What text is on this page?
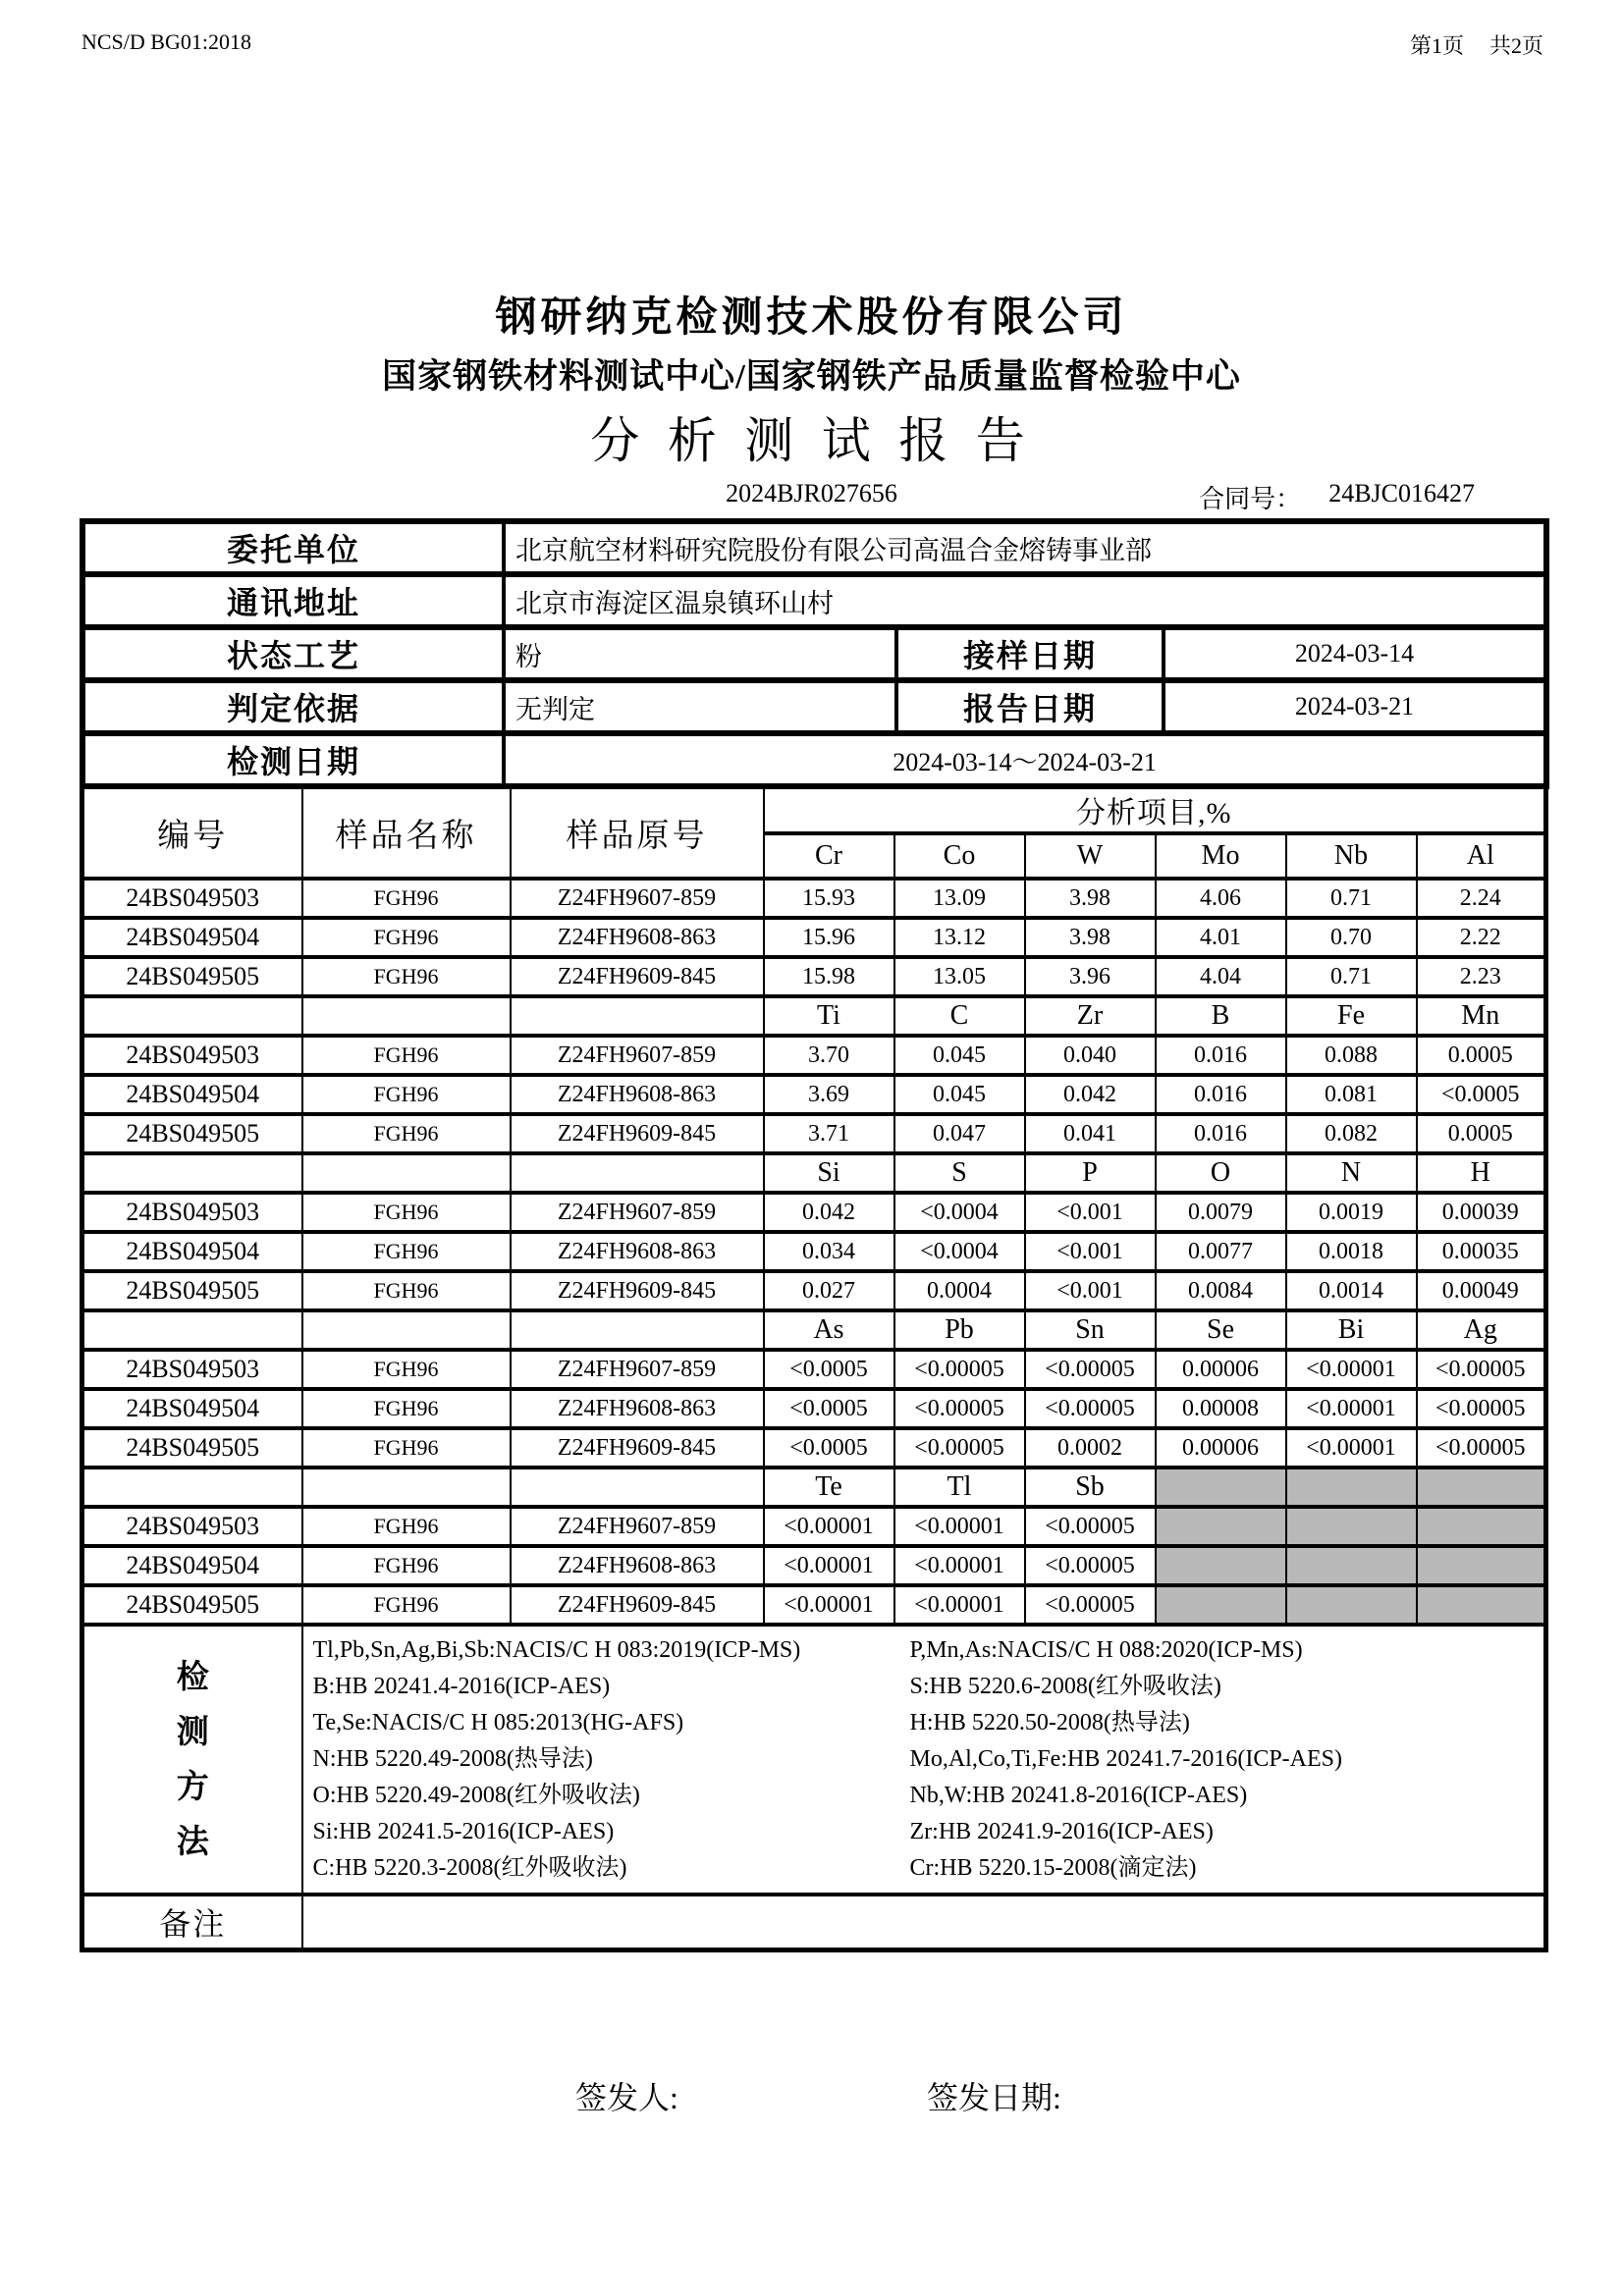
NCS/D BG01:2018	第1页 共2页
钢研纳克检测技术股份有限公司
国家钢铁材料测试中心/国家钢铁产品质量监督检验中心
分 析 测 试 报 告
2024BJR027656	合同号： 24BJC016427
委托单位	北京航空材料研究院股份有限公司高温合金熔铸事业部		
通讯地址	北京市海淀区温泉镇环山村		
状态工艺	粉	接样日期	2024-03-14
判定依据	无判定	报告日期	2024-03-21
检测日期	2024-03-14～2024-03-21		
编号	样品名称	样品原号	分析项目,%					
			Cr	Co	W	Mo	Nb	Al
24BS049503	FGH96	Z24FH9607-859	15.93	13.09	3.98	4.06	0.71	2.24
24BS049504	FGH96	Z24FH9608-863	15.96	13.12	3.98	4.01	0.70	2.22
24BS049505	FGH96	Z24FH9609-845	15.98	13.05	3.96	4.04	0.71	2.23
			Ti	C	Zr	B	Fe	Mn
24BS049503	FGH96	Z24FH9607-859	3.70	0.045	0.040	0.016	0.088	0.0005
24BS049504	FGH96	Z24FH9608-863	3.69	0.045	0.042	0.016	0.081	<0.0005
24BS049505	FGH96	Z24FH9609-845	3.71	0.047	0.041	0.016	0.082	0.0005
			Si	S	P	O	N	H
24BS049503	FGH96	Z24FH9607-859	0.042	<0.0004	<0.001	0.0079	0.0019	0.00039
24BS049504	FGH96	Z24FH9608-863	0.034	<0.0004	<0.001	0.0077	0.0018	0.00035
24BS049505	FGH96	Z24FH9609-845	0.027	0.0004	<0.001	0.0084	0.0014	0.00049
			As	Pb	Sn	Se	Bi	Ag
24BS049503	FGH96	Z24FH9607-859	<0.0005	<0.00005	<0.00005	0.00006	<0.00001	<0.00005
24BS049504	FGH96	Z24FH9608-863	<0.0005	<0.00005	<0.00005	0.00008	<0.00001	<0.00005
24BS049505	FGH96	Z24FH9609-845	<0.0005	<0.00005	0.0002	0.00006	<0.00001	<0.00005
			Te	Tl	Sb			
24BS049503	FGH96	Z24FH9607-859	<0.00001	<0.00001	<0.00005			
24BS049504	FGH96	Z24FH9608-863	<0.00001	<0.00001	<0.00005			
24BS049505	FGH96	Z24FH9609-845	<0.00001	<0.00001	<0.00005			

检
测
方
法

Tl,Pb,Sn,Ag,Bi,Sb:NACIS/C H 083:2019(ICP-MS)	P,Mn,As:NACIS/C H 088:2020(ICP-MS)
B:HB 20241.4-2016(ICP-AES)	S:HB 5220.6-2008(红外吸收法)
Te,Se:NACIS/C H 085:2013(HG-AFS)	H:HB 5220.50-2008(热导法)
N:HB 5220.49-2008(热导法)	Mo,Al,Co,Ti,Fe:HB 20241.7-2016(ICP-AES)
O:HB 5220.49-2008(红外吸收法)	Nb,W:HB 20241.8-2016(ICP-AES)
Si:HB 20241.5-2016(ICP-AES)	Zr:HB 20241.9-2016(ICP-AES)
C:HB 5220.3-2008(红外吸收法)	Cr:HB 5220.15-2008(滴定法)

备注								
签发人:	签发日期:
